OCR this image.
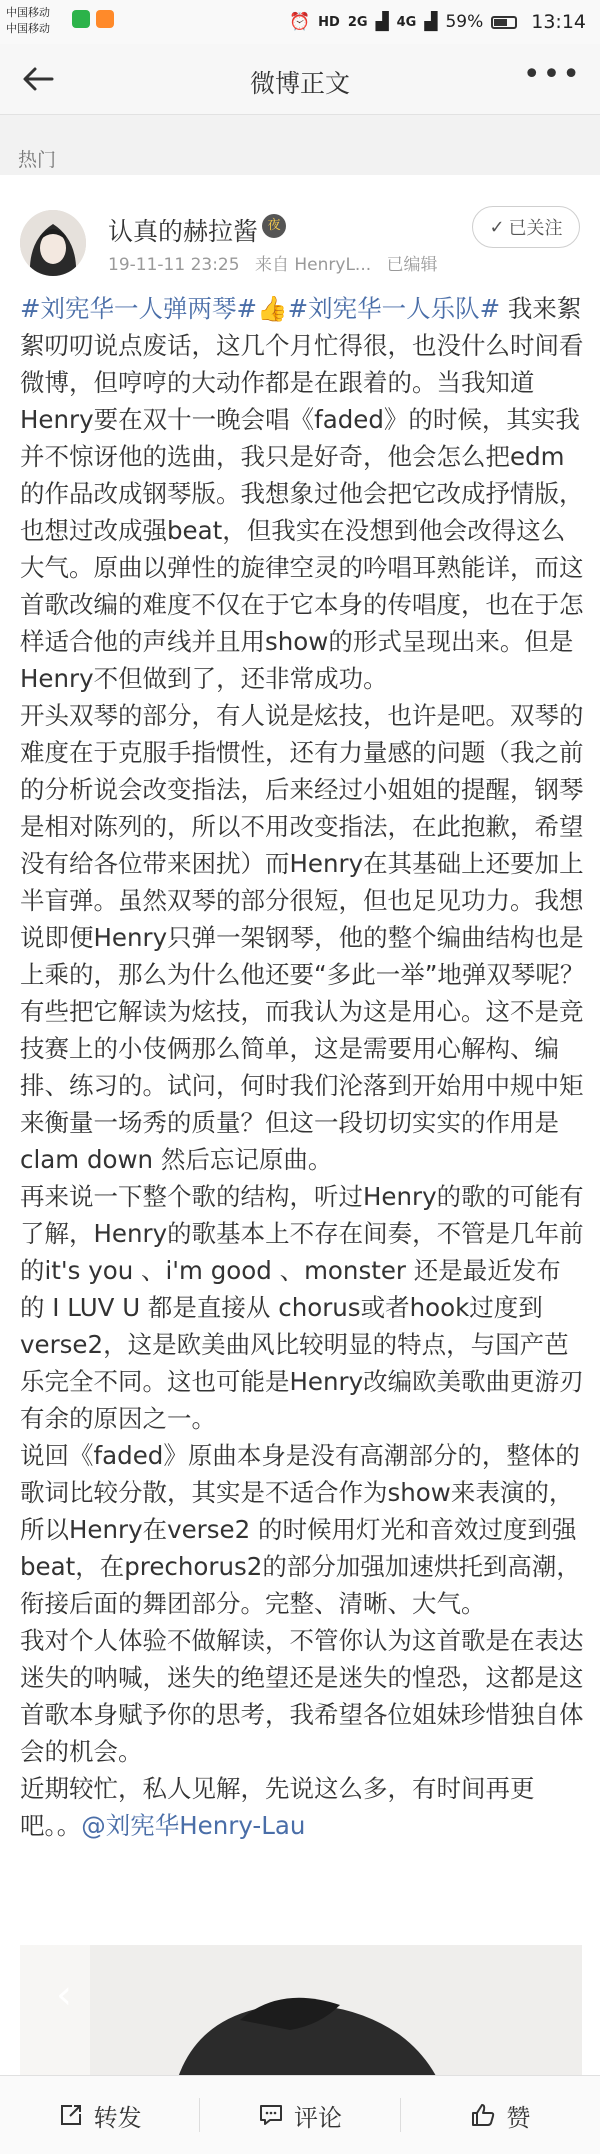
中国移动
中国移动	⏰ HD 2G ▟ 4G ▟ 59%	13:14
微博正文	•••
热门
认真的赫拉酱 夜
19-11-11 23:25 来自 HenryL... 已编辑
✓ 已关注

#刘宪华一人弹两琴#👍#刘宪华一人乐队# 我来絮絮叨叨说点废话，这几个月忙得很，也没什么时间看微博，但哼哼的大动作都是在跟着的。当我知道Henry要在双十一晚会唱《faded》的时候，其实我并不惊讶他的选曲，我只是好奇，他会怎么把edm的作品改成钢琴版。我想象过他会把它改成抒情版，也想过改成强beat，但我实在没想到他会改得这么大气。原曲以弹性的旋律空灵的吟唱耳熟能详，而这首歌改编的难度不仅在于它本身的传唱度，也在于怎样适合他的声线并且用show的形式呈现出来。但是Henry不但做到了，还非常成功。

开头双琴的部分，有人说是炫技，也许是吧。双琴的难度在于克服手指惯性，还有力量感的问题（我之前的分析说会改变指法，后来经过小姐姐的提醒，钢琴是相对陈列的，所以不用改变指法，在此抱歉，希望没有给各位带来困扰）而Henry在其基础上还要加上半盲弹。虽然双琴的部分很短，但也足见功力。我想说即便Henry只弹一架钢琴，他的整个编曲结构也是上乘的，那么为什么他还要“多此一举”地弹双琴呢？有些把它解读为炫技，而我认为这是用心。这不是竞技赛上的小伎俩那么简单，这是需要用心解构、编排、练习的。试问，何时我们沦落到开始用中规中矩来衡量一场秀的质量？但这一段切切实实的作用是clam down 然后忘记原曲。

再来说一下整个歌的结构，听过Henry的歌的可能有了解，Henry的歌基本上不存在间奏，不管是几年前的it's you 、i'm good 、monster 还是最近发布的 I LUV U 都是直接从 chorus或者hook过度到verse2，这是欧美曲风比较明显的特点，与国产芭乐完全不同。这也可能是Henry改编欧美歌曲更游刃有余的原因之一。

说回《faded》原曲本身是没有高潮部分的，整体的歌词比较分散，其实是不适合作为show来表演的，所以Henry在verse2 的时候用灯光和音效过度到强beat，在prechorus2的部分加强加速烘托到高潮，衔接后面的舞团部分。完整、清晰、大气。

我对个人体验不做解读，不管你认为这首歌是在表达迷失的呐喊，迷失的绝望还是迷失的惶恐，这都是这首歌本身赋予你的思考，我希望各位姐妹珍惜独自体会的机会。

近期较忙，私人见解，先说这么多，有时间再更吧。。@刘宪华Henry-Lau

‹
转发	评论	赞
